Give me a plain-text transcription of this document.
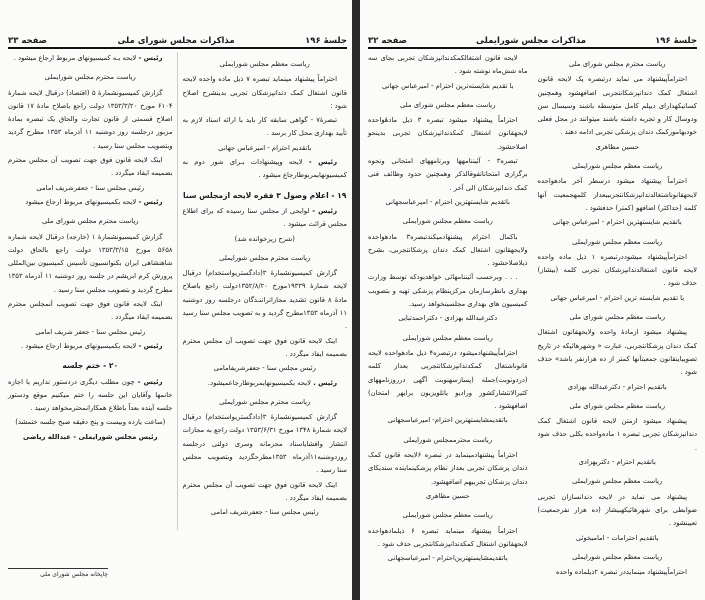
جلسهٔ ۱۹۶
مذاکرات مجلس شورای ملی
صفحه ۳۳

ریاست معظم مجلس شورایملی

احتراماً پیشنهاد مینماید تبصره ۷ ذیل ماده واحده لایحه قانون اشتغال کمک دندانپزشکان تجربی بدینشرح اصلاح شود :

تبصرهٔ۷ - گواهی سابقه کار باید با ارائه اسناد لازم به تأیید بهداری محل کار برسد .

باتقدیم احترام - امیرعباس جهانی

رئیس - لایحه وپیشنهادات بـرای شور دوم به کمیسیونهایمربوطارجاع میشود .

۱۹ - اعلام وصول ۳ فقره لایحه ازمجلس سنا

رئیس - لوایحی از مجلس سنا رسیده که برای اطلاع مجلس قرائت میشود .

(شرح زیرخوانده شد)

ریاست محترم مجلس شورایملی

گزارش کمیسیونشمارهٔ ۳(دادگستریواستخدام) درقبال لایحه شمارهٔ ۱۹۳۳۹مورخ ۱۳۵۲/۸/۲۰دولت راجع باصلاح مادهٔ ۸ قانون تشدید مجازاتراننـدگان درجلسه روز دوشنبه ۱۱ آذرماه ۱۳۵۳مطرح گردید و به تصویب مجلس سنا رسید .

اینک لایحه قانون فوق جهت تصویب آن مجلس محترم بضمیمه ایفاد میگردد .

رئیس مجلس سنا - جعفرشریفامامی

رئیس . لایحه بکمیسیونهایمربوطارجاعمیشود.

ریاست محترم مجلس شورایملی

گزارش کمیسیونشمارهٔ ۳(دادگستریواستخدام) درقبال لایحه شمارهٔ ۱۳۴۸ مورخ ۱۳۵۳/۶/۳۱ دولت راجع به مجازات انتشار وافشایاسناد محرمانه وسری دولتی درجلسه روزدوشنبه۱۱آذرماه ۱۳۵۳مطرحگردید وبتصویب مجلس سنا رسید .

اینک لایحه قانون فوق جهت تصویب آن مجلس محترم بضمیمه ایفاد میگردد .

رئیس مجلس سنا - جعفرشریف امامی

رئیس - لایحه بـه کمیسیونهای مربوط ارجاع میشود .

ریاست محترم مجلس شورایملی

گزارش کمیسیونشمارهٔ ۵ (اقتصاد) درقبال لایحه شمارهٔ ۶۱۰۴ مورخ ۱۳۵۳/۳/۲۰ دولت راجع باصلاح مادهٔ ۱۷ قانون اصلاح قسمتی از قانون تجارت والحاق یک تبصره بمادهٔ مزبور درجلسه روز دوشنبه ۱۱ آذرماه ۱۳۵۳ مطرح گردید وبتصویب مجلس سنا رسید .

اینک لایحه قانون فوق جهت تصویب آن مجلس محترم بضمیمه ایفاد میگردد .

رئیس مجلس سنا - جعفرشریف امامی

رئیس - لایحه بکمیسیونهای مربوط ارجاع میشود

ریاست محترم مجلس شورای ملی

گزارش کمیسیونشمارهٔ ۱ (خارجه) درقبال لایحه شماره ۵۶۵۸ مورخ ۱۳۵۳/۳/۱۵ دولت راجع بالحاق دولت شاهنشاهی ایران بکنوانسیون تأسیس کمیسیون بین‌المللی پرورش کرم ابریشم در جلسه روز دوشنبه ۱۱ آذرماه ۱۳۵۳ مطرح گردید و بتصویب مجلس سنا رسید .

اینک لایحه قانون فوق جهت تصویب آنمجلس محترم بضمیمه ایفاد میگردد .

رئیس مجلس سنا - جعفر شریف امامی

رئیس - لایحه بکمیسیونهای مربوط ارجاع میشود .

۲۰ - ختم جلسه

رئیس - چون مطلب دیگری دردستور نداریم با اجازه خانمها وآقایان این جلسه را ختم میکنیم موقع ودستور جلسه آینده بعداً باطلاع همکارانمحترمخواهد رسید .

(ساعت یازده وبیست و پنج دقیقه صبح جلسه ختمشد)

رئیس مجلس شورایملی - عبدالله ریاضی

چاپخانه مجلس شورای ملی
جلسهٔ ۱۹۶
مذاکرات مجلس شورایملی
صفحه ۳۲

ریاست محترم مجلس شورای ملی

احتراماًپیشنهاد می نماید درتبصره یک لایحه قانون اشتغال کمک دندانپزشکانتجربی اضافهشود وهمچنین کسانیکهدارای دیپلم کامل متوسطه باشند وسیسال سن ودوسال کار و تجربه داشته باشند میتوانند در محل فعلی خودبهامورکمک دندان پزشکی تجربی ادامه دهند .

حسین مظاهری

ریاست معظم مجلس شورایملی

احتراماً پیشنهاد میشود درسطر آخر مادهواحده لایحهقانوناشتغالدندانپزشکانتجربیبعداز کلمهجمعیت آنها کلمه (حداکثر) اضافهو (کمتر) حذفشود .

باتقدیم شایستهترین احترام - امیرعباس جهانی

ریاست معظم مجلس شورایملی

احتراماًپیشنهاد میشوددرتبصره ۱ ذیل ماده واحده لایحه قانون اشتغالدندانپزشکان تجربی کلمه (بیشاز) حذف شود .

با تقدیم شایسته ترین احترام - امیرعباس جهانی

ریاست معظم مجلس شورای ملی

پیشنهاد میشود ازمادهٔ واحده ولایحهقانون اشتغال کمک دندان پزشکانتجربی، عبارت « وشهرهائیکه در تاریخ تصویباینقانون جمعیتآنها کمتر از ده هزارنفر باشد» حذف شود .

باتقدیم احترام - دکترعبدالله بهزادی

ریاست معظم مجلس شورای ملی

پیشنهاد میشود ازمتن لایحه قانون اشتغال کمک دندانپزشکان تجربی تبصره ۱ ماده‌واحده بکلی حذف شود .

باتقدیم احترام - دکتربهزادی

ریاست معظم مجلس شورایملی

پیشنهاد می نماید در لایحه دندانسازان تجربی ضوابطی برای شهرهائیکهبیشاز (ده هزار نفرجمعیت) تعیینشود .

باتقدیم احترامات - امامیخوئی

ریاست معظم مجلس شورایملی

احتراماًپیشنهاد مینمایددر تبصره ۲ذیلماده واحده

لایحه قانون اشتغالکمکدندانپزشکان تجربی بجای سه ماه شش‌ماه نوشته شود .

با تقدیم شایسته‌ترین احترام - امیرعباس جهانی

ریاست معظم مجلس شورای ملی

احتراماً پیشنهاد میشود تبصره ۳ ذیل مادهٔواحده لایحهقانون اشتغال کمکدندانپزشکان تجربی بدینحو اصلاحشود.

تبصره۳ - آئیننامهها وبرنامههای امتحانی ونحوه برگزاری امتحاناتفوقالذکر وهمچنین حدود وظائف فنی کمک دندانپزشکان الی آخر .

باتقدیم شایستهترین احترام - امیرعباسجهانی

ریاست معظم مجلس شورایملی

باکمال احترام پیشنهادمیکندتبصره۳ مادهواحده ولایحهقانون اشتغال کمک دندان پزشکانتجربی، بشرح ذیلاصلاحشود .

. . . وبرحسب آئیننامهائی خواهدبودکه توسط وزارت بهداری بانظرسازمان مرکزینظام پزشکی تهیه و بتصویب کمیسیون های بهداری مجلسینخواهد رسید.

دکترعبدالله بهزادی - دکتراحمدتبایی

ریاست معظم مجلس شورایملی

احتراماًپیشنهادمیشود درتبصره۴ ذیل مادهواحده لایحه قانوناشتغال کمکدندانپزشکانتجربی بعداز کلمه (دردونوبت)جمله (پسازسهنوبت آگهی درروزنامههای کثیرالانتشارکشور ورادیو یاتلویزیون برایهر امتحان) اضافهشود .

باتقدیمشایستهترین احترام- امیرعباسجهانی

ریاست محترممجلس شورایملی

احتراماً پیشنهادمینماید در تبصره ۶لایحه قانون کمک دندان پزشکان تجربی بعداز نظام پزشکینماینده سندیکای دندان پزشکان تجربیهم اضافهشود.

حسین مظاهری

ریاست معظم مجلس شورایملی

احتراماً پیشنهاد مینماید تبصره ۶ ذیلمادهواحده لایحهقانون اشتغال کمکدندانپزشکانتجربی حذف شود .

باتقدیمشایستهترین‌احترام - امیرعباسجهانی
